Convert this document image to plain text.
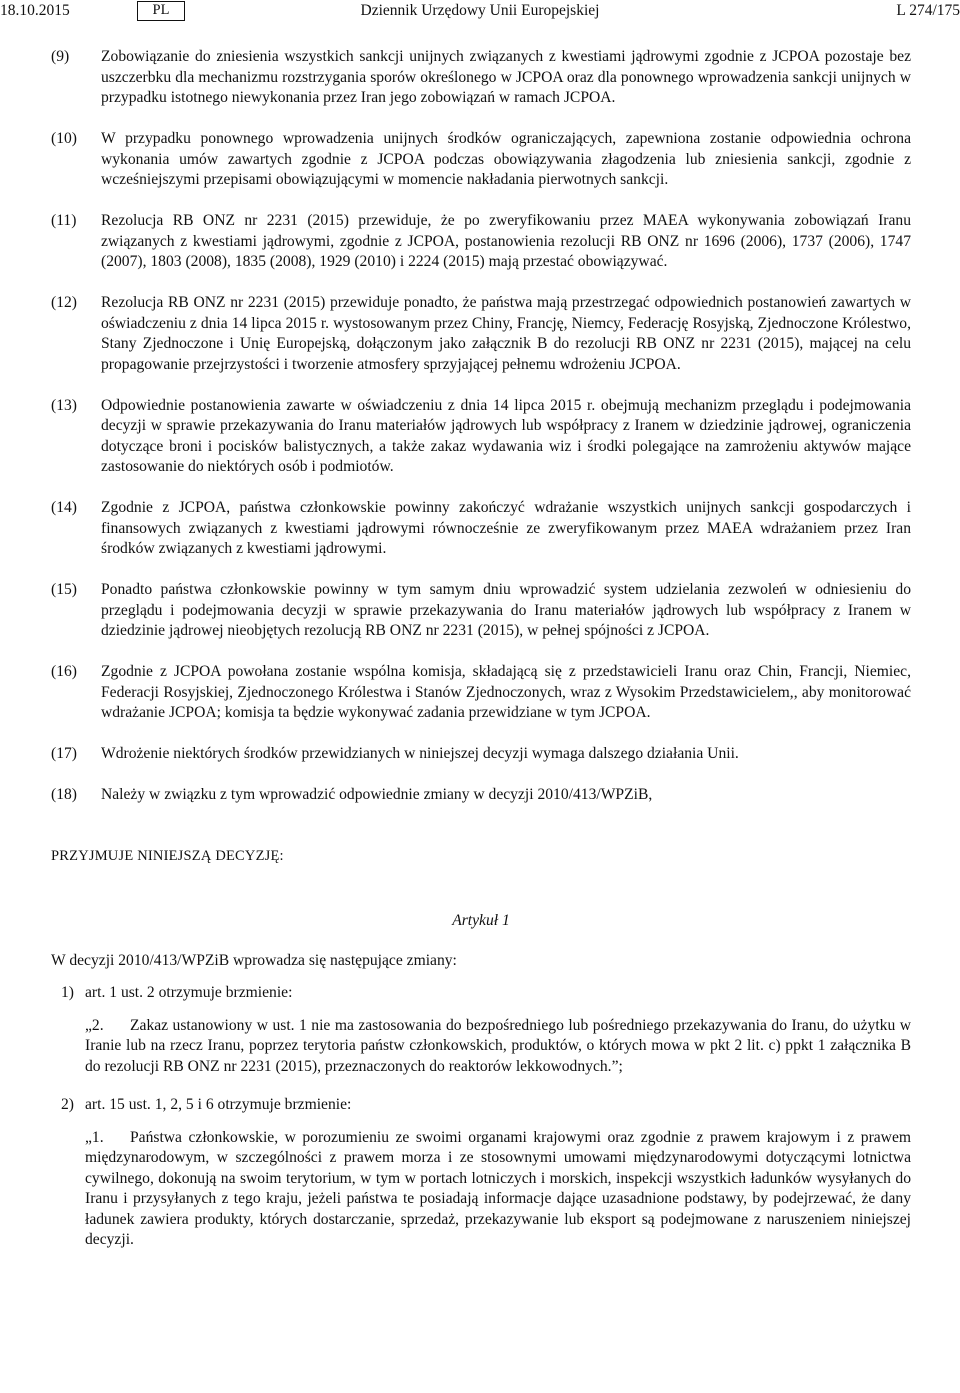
18.10.2015	PL	Dziennik Urzędowy Unii Europejskiej	L 274/175
(9) Zobowiązanie do zniesienia wszystkich sankcji unijnych związanych z kwestiami jądrowymi zgodnie z JCPOA pozostaje bez uszczerbku dla mechanizmu rozstrzygania sporów określonego w JCPOA oraz dla ponownego wprowadzenia sankcji unijnych w przypadku istotnego niewykonania przez Iran jego zobowiązań w ramach JCPOA.
(10) W przypadku ponownego wprowadzenia unijnych środków ograniczających, zapewniona zostanie odpowiednia ochrona wykonania umów zawartych zgodnie z JCPOA podczas obowiązywania złagodzenia lub zniesienia sankcji, zgodnie z wcześniejszymi przepisami obowiązującymi w momencie nakładania pierwotnych sankcji.
(11) Rezolucja RB ONZ nr 2231 (2015) przewiduje, że po zweryfikowaniu przez MAEA wykonywania zobowiązań Iranu związanych z kwestiami jądrowymi, zgodnie z JCPOA, postanowienia rezolucji RB ONZ nr 1696 (2006), 1737 (2006), 1747 (2007), 1803 (2008), 1835 (2008), 1929 (2010) i 2224 (2015) mają przestać obowiązywać.
(12) Rezolucja RB ONZ nr 2231 (2015) przewiduje ponadto, że państwa mają przestrzegać odpowiednich postanowień zawartych w oświadczeniu z dnia 14 lipca 2015 r. wystosowanym przez Chiny, Francję, Niemcy, Federację Rosyjską, Zjednoczone Królestwo, Stany Zjednoczone i Unię Europejską, dołączonym jako załącznik B do rezolucji RB ONZ nr 2231 (2015), mającej na celu propagowanie przejrzystości i tworzenie atmosfery sprzyjającej pełnemu wdrożeniu JCPOA.
(13) Odpowiednie postanowienia zawarte w oświadczeniu z dnia 14 lipca 2015 r. obejmują mechanizm przeglądu i podejmowania decyzji w sprawie przekazywania do Iranu materiałów jądrowych lub współpracy z Iranem w dziedzinie jądrowej, ograniczenia dotyczące broni i pocisków balistycznych, a także zakaz wydawania wiz i środki polegające na zamrożeniu aktywów mające zastosowanie do niektórych osób i podmiotów.
(14) Zgodnie z JCPOA, państwa członkowskie powinny zakończyć wdrażanie wszystkich unijnych sankcji gospodarczych i finansowych związanych z kwestiami jądrowymi równocześnie ze zweryfikowanym przez MAEA wdrażaniem przez Iran środków związanych z kwestiami jądrowymi.
(15) Ponadto państwa członkowskie powinny w tym samym dniu wprowadzić system udzielania zezwoleń w odniesieniu do przeglądu i podejmowania decyzji w sprawie przekazywania do Iranu materiałów jądrowych lub współpracy z Iranem w dziedzinie jądrowej nieobjętych rezolucją RB ONZ nr 2231 (2015), w pełnej spójności z JCPOA.
(16) Zgodnie z JCPOA powołana zostanie wspólna komisja, składającą się z przedstawicieli Iranu oraz Chin, Francji, Niemiec, Federacji Rosyjskiej, Zjednoczonego Królestwa i Stanów Zjednoczonych, wraz z Wysokim Przedstawicielem,, aby monitorować wdrażanie JCPOA; komisja ta będzie wykonywać zadania przewidziane w tym JCPOA.
(17) Wdrożenie niektórych środków przewidzianych w niniejszej decyzji wymaga dalszego działania Unii.
(18) Należy w związku z tym wprowadzić odpowiednie zmiany w decyzji 2010/413/WPZiB,
PRZYJMUJE NINIEJSZĄ DECYZJĘ:
Artykuł 1
W decyzji 2010/413/WPZiB wprowadza się następujące zmiany:
1) art. 1 ust. 2 otrzymuje brzmienie:
„2.	Zakaz ustanowiony w ust. 1 nie ma zastosowania do bezpośredniego lub pośredniego przekazywania do Iranu, do użytku w Iranie lub na rzecz Iranu, poprzez terytoria państw członkowskich, produktów, o których mowa w pkt 2 lit. c) ppkt 1 załącznika B do rezolucji RB ONZ nr 2231 (2015), przeznaczonych do reaktorów lekkowodnych.”;
2) art. 15 ust. 1, 2, 5 i 6 otrzymuje brzmienie:
„1.	Państwa członkowskie, w porozumieniu ze swoimi organami krajowymi oraz zgodnie z prawem krajowym i z prawem międzynarodowym, w szczególności z prawem morza i ze stosownymi umowami międzynarodowymi dotyczącymi lotnictwa cywilnego, dokonują na swoim terytorium, w tym w portach lotniczych i morskich, inspekcji wszystkich ładunków wysyłanych do Iranu i przysyłanych z tego kraju, jeżeli państwa te posiadają informacje dające uzasadnione podstawy, by podejrzewać, że dany ładunek zawiera produkty, których dostarczanie, sprzedaż, przekazywanie lub eksport są podejmowane z naruszeniem niniejszej decyzji.
